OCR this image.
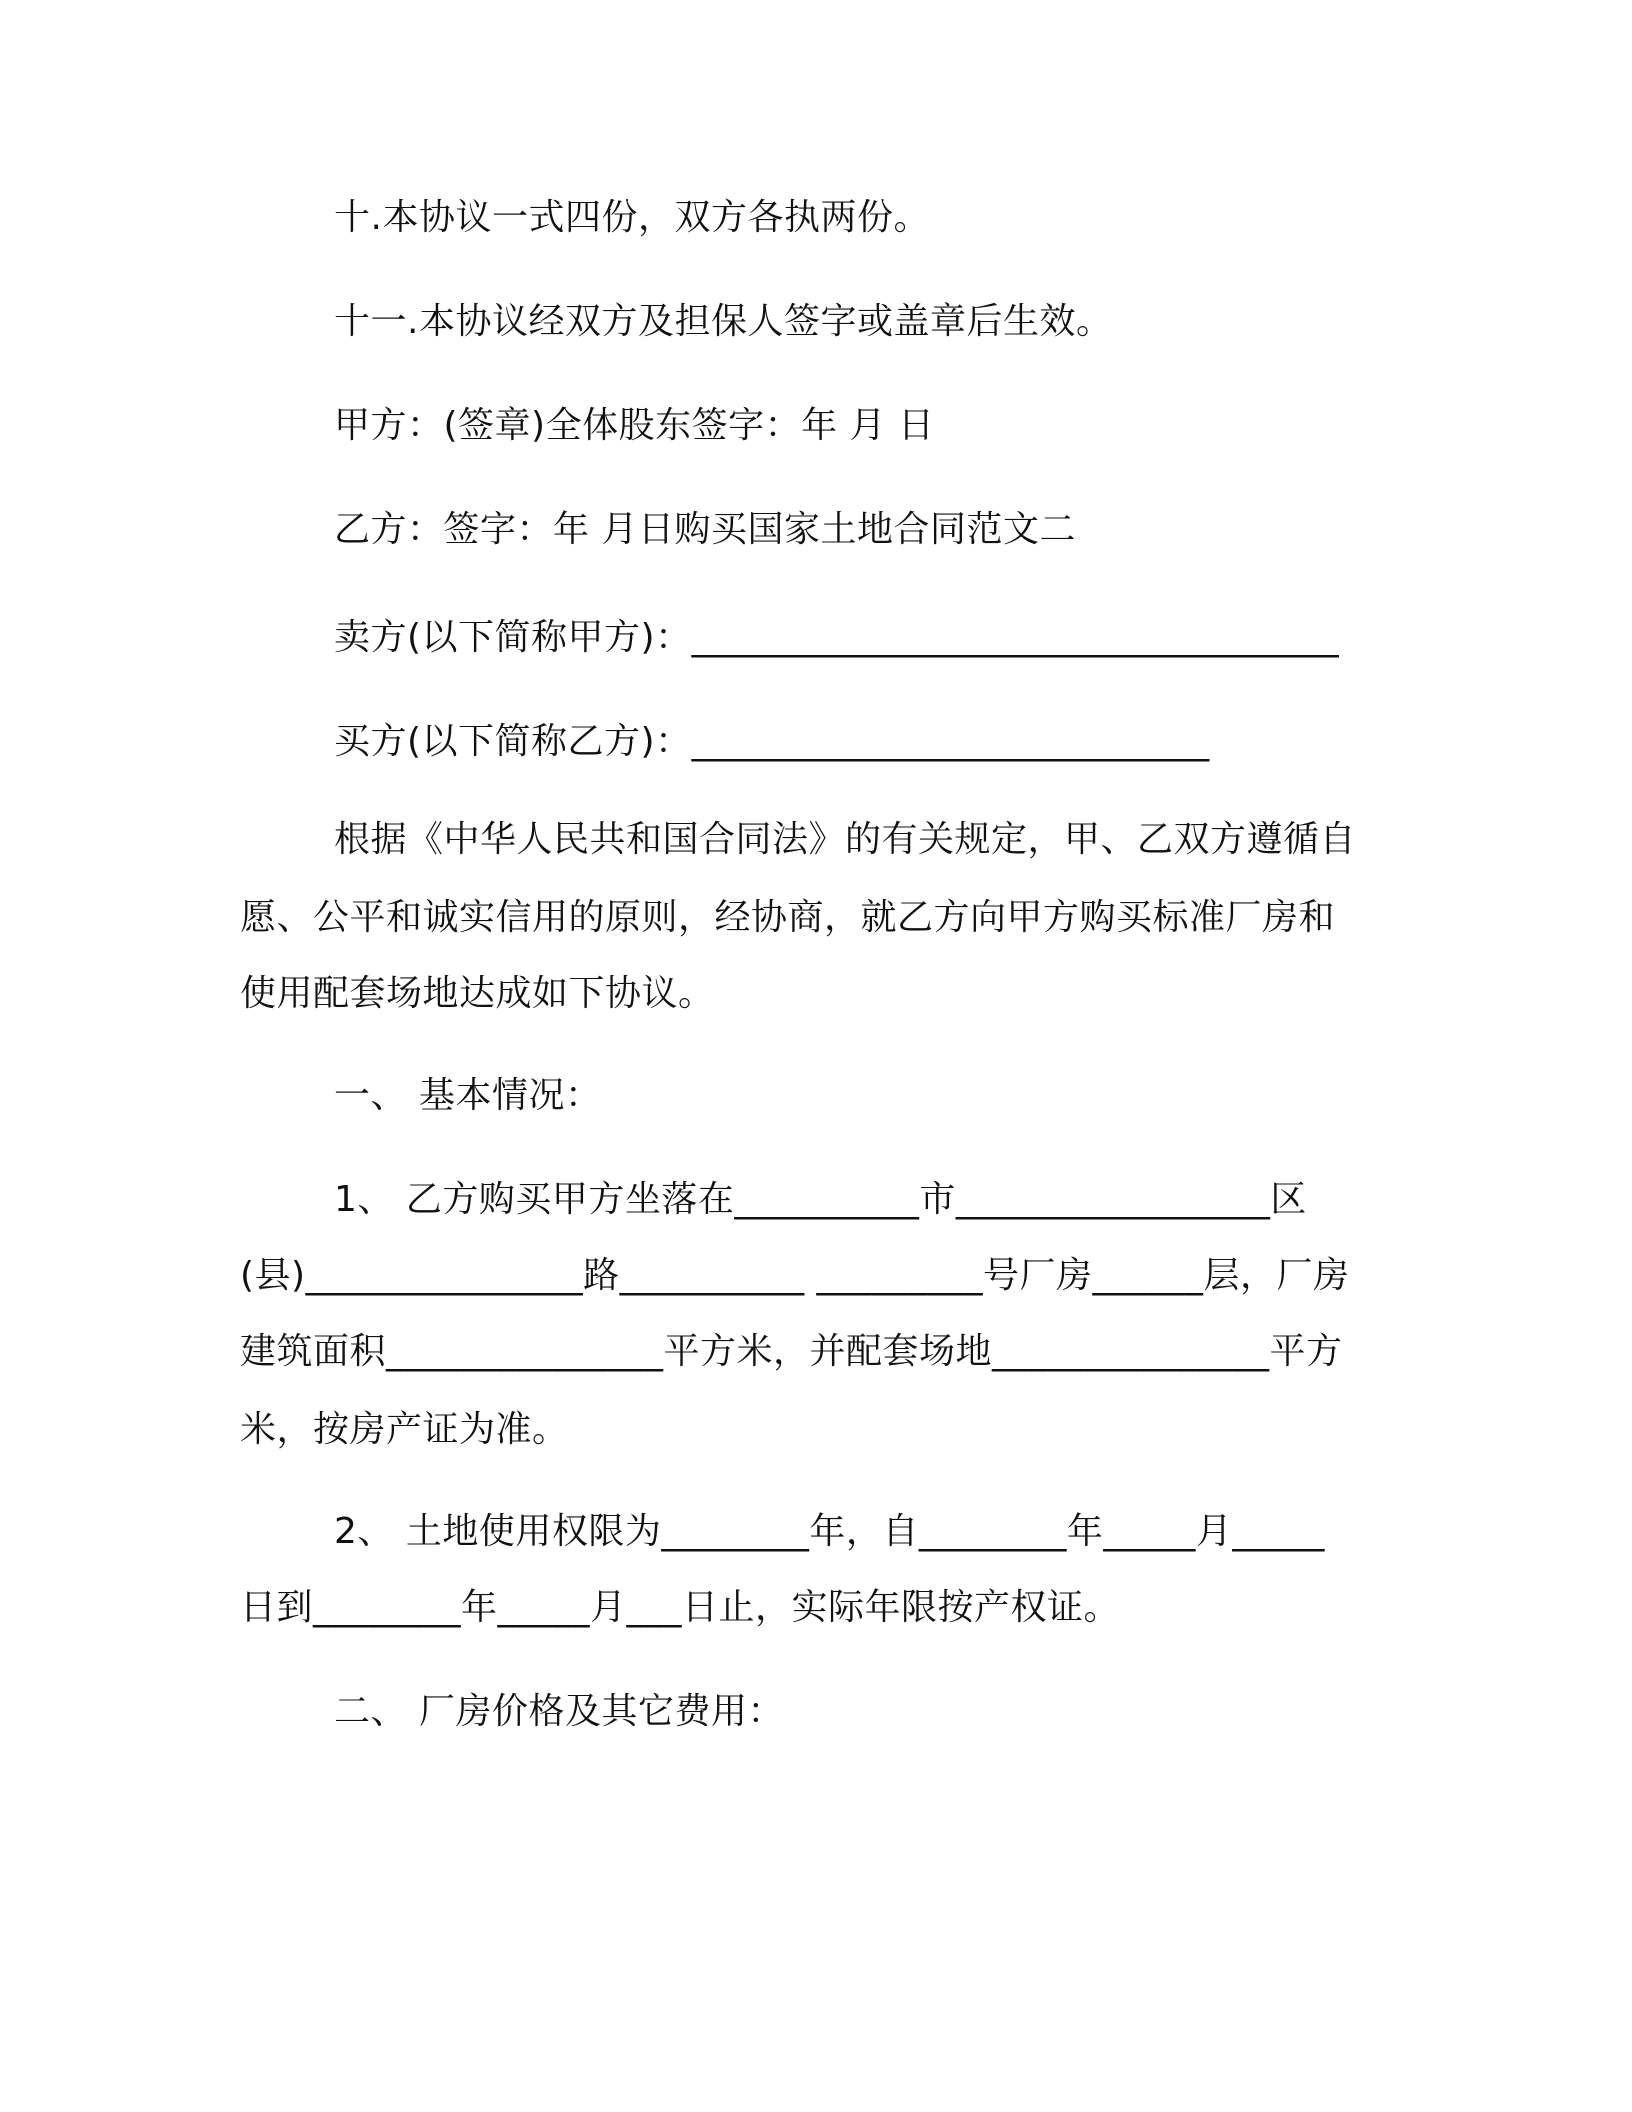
十.本协议一式四份，双方各执两份。
十一.本协议经双方及担保人签字或盖章后生效。
甲方：(签章)全体股东签字：年 月 日
乙方：签字：年 月日购买国家土地合同范文二
卖方(以下简称甲方)：___________________________________
买方(以下简称乙方)：____________________________
根据《中华人民共和国合同法》的有关规定，甲、乙双方遵循自
愿、公平和诚实信用的原则，经协商，就乙方向甲方购买标准厂房和
使用配套场地达成如下协议。
一、 基本情况：
1、 乙方购买甲方坐落在__________市_________________区
(县)_______________路__________ _________号厂房______层，厂房
建筑面积_______________平方米，并配套场地_______________平方
米，按房产证为准。
2、 土地使用权限为________年，自________年_____月_____
日到________年_____月___日止，实际年限按产权证。
二、 厂房价格及其它费用：
